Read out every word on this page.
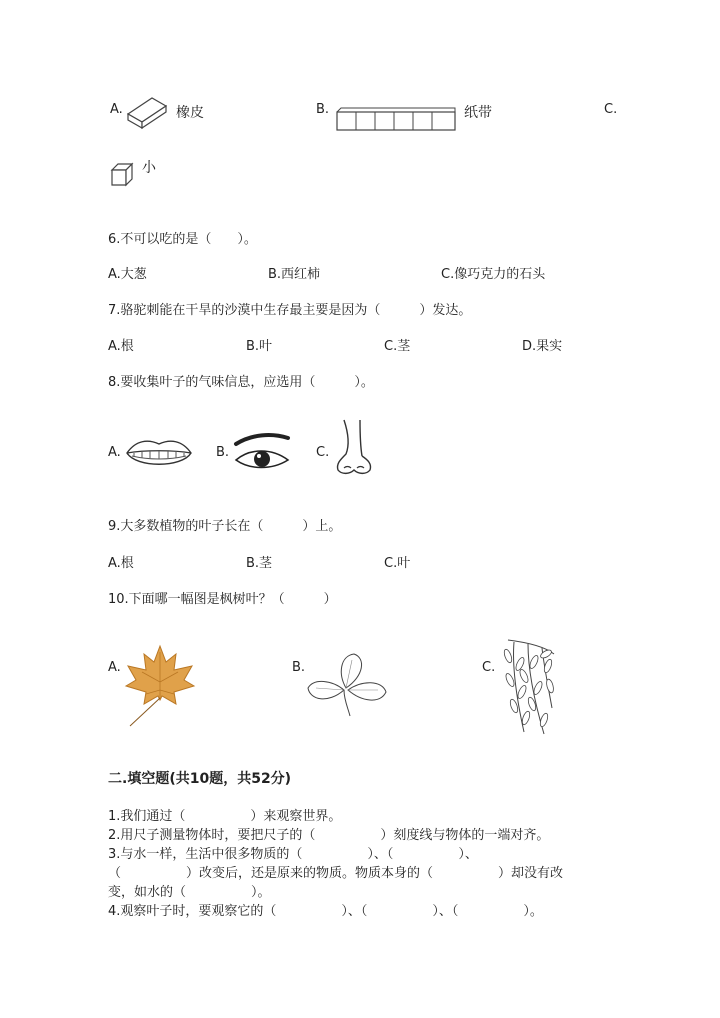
A.	橡皮	B.	纸带	C.
小
6.不可以吃的是（　　）。
A.大葱	B.西红柿	C.像巧克力的石头
7.骆驼刺能在干旱的沙漠中生存最主要是因为（　　　）发达。
A.根	B.叶	C.茎	D.果实
8.要收集叶子的气味信息，应选用（　　　）。
A.	B.	C.
9.大多数植物的叶子长在（　　　）上。
A.根	B.茎	C.叶
10.下面哪一幅图是枫树叶？（　　　）
A.	B.	C.
二.填空题(共10题，共52分)
1.我们通过（　　　　　）来观察世界。
2.用尺子测量物体时，要把尺子的（　　　　　）刻度线与物体的一端对齐。
3.与水一样，生活中很多物质的（　　　　　）、（　　　　　）、
（　　　　　）改变后，还是原来的物质。物质本身的（　　　　　）却没有改
变，如水的（　　　　　）。
4.观察叶子时，要观察它的（　　　　　）、（　　　　　）、（　　　　　）。
